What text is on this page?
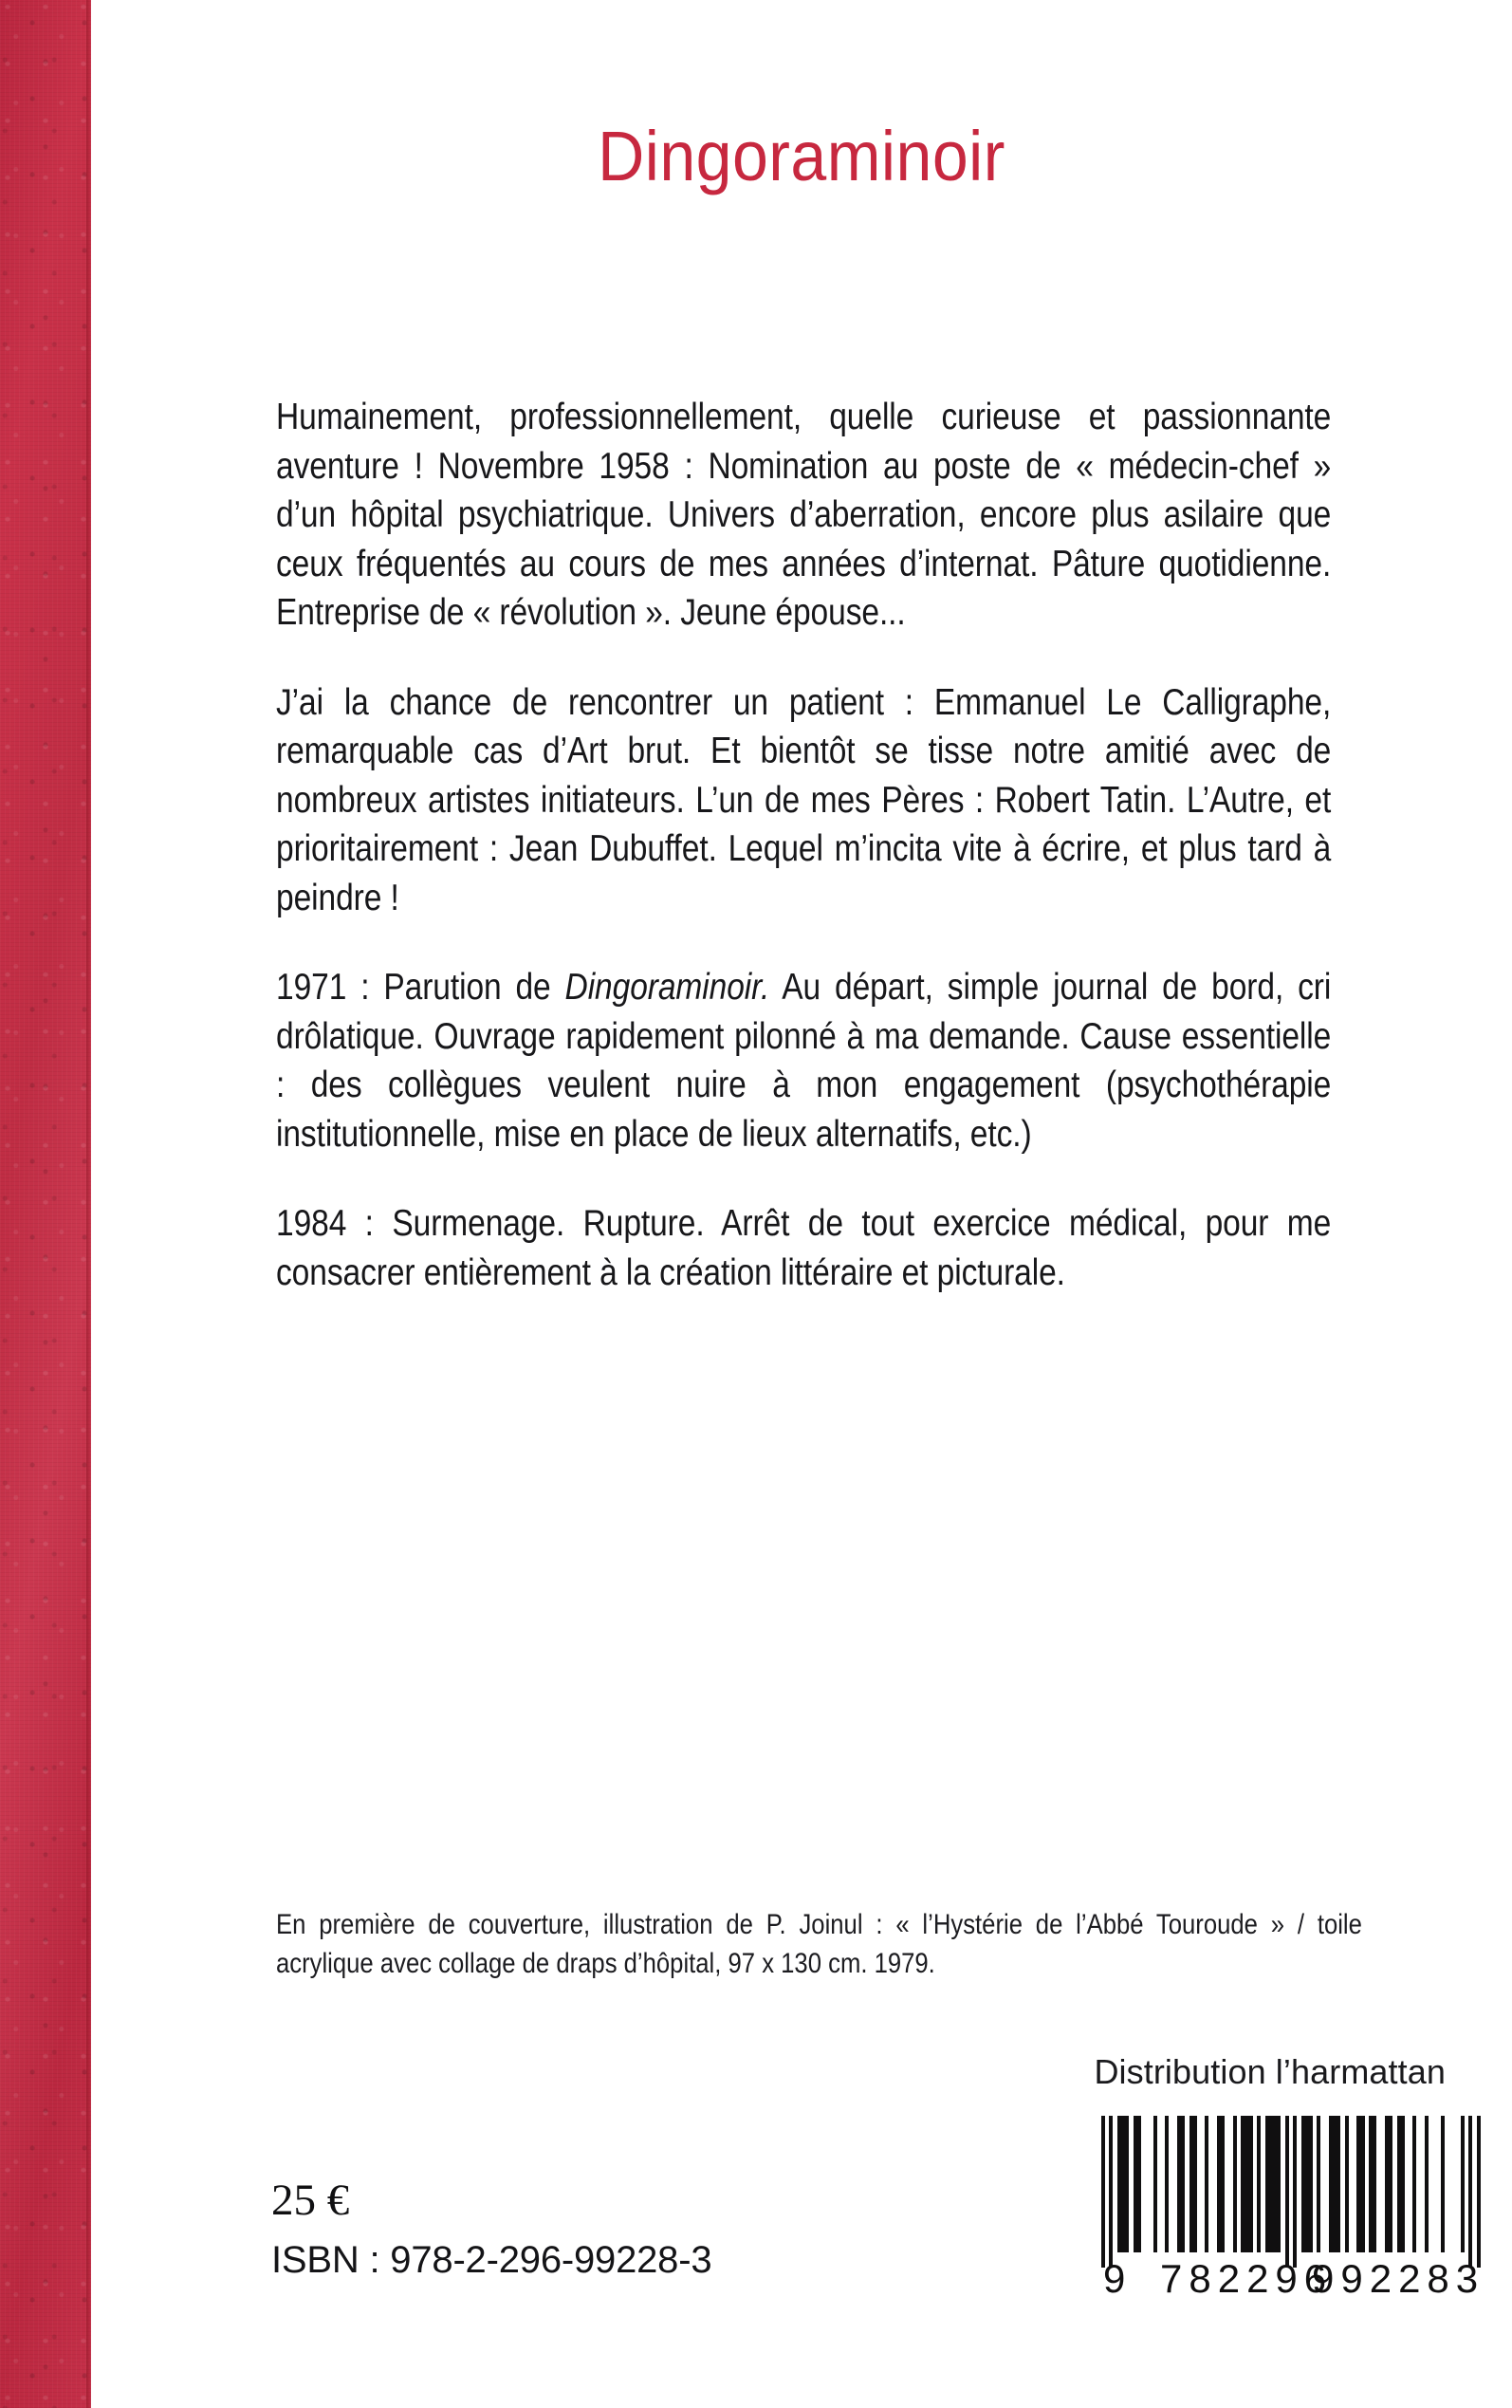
Dingoraminoir

Humainement, professionnellement, quelle curieuse et passionnante aventure ! Novembre 1958 : Nomination au poste de « médecin-chef » d’un hôpital psychiatrique. Univers d’aberration, encore plus asilaire que ceux fréquentés au cours de mes années d’internat. Pâture quotidienne. Entreprise de « révolution ». Jeune épouse...

J’ai la chance de rencontrer un patient : Emmanuel Le Calligraphe, remarquable cas d’Art brut. Et bientôt se tisse notre amitié avec de nombreux artistes initiateurs. L’un de mes Pères : Robert Tatin. L’Autre, et prioritairement : Jean Dubuffet. Lequel m’incita vite à écrire, et plus tard à peindre !

1971 : Parution de Dingoraminoir. Au départ, simple journal de bord, cri drôlatique. Ouvrage rapidement pilonné à ma demande. Cause essentielle : des collègues veulent nuire à mon engagement (psychothérapie institutionnelle, mise en place de lieux alternatifs, etc.)

1984 : Surmenage. Rupture. Arrêt de tout exercice médical, pour me consacrer entièrement à la création littéraire et picturale.

En première de couverture, illustration de P. Joinul : « l’Hystérie de l’Abbé Touroude » / toile acrylique avec collage de draps d’hôpital, 97 x 130 cm. 1979.
Distribution l’harmattan
25 €
ISBN : 978-2-296-99228-3	9 782296
992283
